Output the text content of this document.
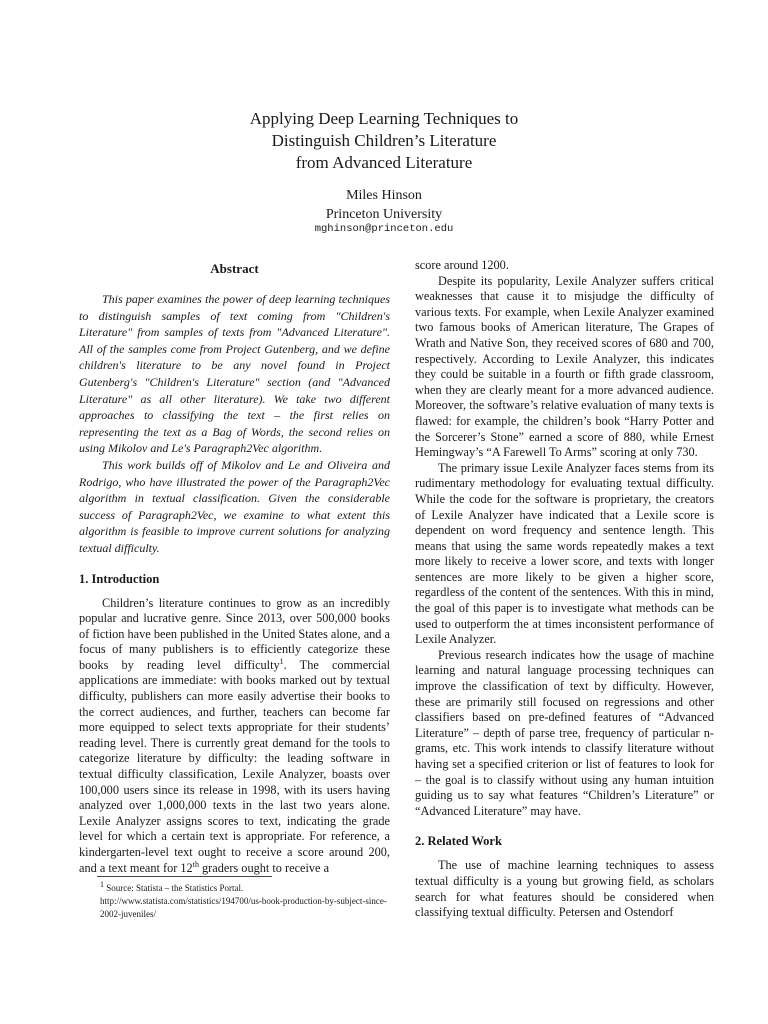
Applying Deep Learning Techniques to
Distinguish Children’s Literature
from Advanced Literature
Miles Hinson
Princeton University
mghinson@princeton.edu
Abstract

This paper examines the power of deep learning techniques to distinguish samples of text coming from "Children's Literature" from samples of texts from "Advanced Literature". All of the samples come from Project Gutenberg, and we define children's literature to be any novel found in Project Gutenberg's "Children's Literature" section (and "Advanced Literature" as all other literature). We take two different approaches to classifying the text – the first relies on representing the text as a Bag of Words, the second relies on using Mikolov and Le's Paragraph2Vec algorithm.

This work builds off of Mikolov and Le and Oliveira and Rodrigo, who have illustrated the power of the Paragraph2Vec algorithm in textual classification. Given the considerable success of Paragraph2Vec, we examine to what extent this algorithm is feasible to improve current solutions for analyzing textual difficulty.

1. Introduction

Children’s literature continues to grow as an incredibly popular and lucrative genre. Since 2013, over 500,000 books of fiction have been published in the United States alone, and a focus of many publishers is to efficiently categorize these books by reading level difficulty$^1$. The commercial applications are immediate: with books marked out by textual difficulty, publishers can more easily advertise their books to the correct audiences, and further, teachers can become far more equipped to select texts appropriate for their students’ reading level. There is currently great demand for the tools to categorize literature by difficulty: the leading software in textual difficulty classification, Lexile Analyzer, boasts over 100,000 users since its release in 1998, with its users having analyzed over 1,000,000 texts in the last two years alone. Lexile Analyzer assigns scores to text, indicating the grade level for which a certain text is appropriate. For reference, a kindergarten-level text ought to receive a score around 200, and a text meant for 12th graders ought to receive a

score around 1200.

Despite its popularity, Lexile Analyzer suffers critical weaknesses that cause it to misjudge the difficulty of various texts. For example, when Lexile Analyzer examined two famous books of American literature, The Grapes of Wrath and Native Son, they received scores of 680 and 700, respectively. According to Lexile Analyzer, this indicates they could be suitable in a fourth or fifth grade classroom, when they are clearly meant for a more advanced audience. Moreover, the software’s relative evaluation of many texts is flawed: for example, the children’s book “Harry Potter and the Sorcerer’s Stone” earned a score of 880, while Ernest Hemingway’s “A Farewell To Arms” scoring at only 730.

The primary issue Lexile Analyzer faces stems from its rudimentary methodology for evaluating textual difficulty. While the code for the software is proprietary, the creators of Lexile Analyzer have indicated that a Lexile score is dependent on word frequency and sentence length. This means that using the same words repeatedly makes a text more likely to receive a lower score, and texts with longer sentences are more likely to be given a higher score, regardless of the content of the sentences. With this in mind, the goal of this paper is to investigate what methods can be used to outperform the at times inconsistent performance of Lexile Analyzer.

Previous research indicates how the usage of machine learning and natural language processing techniques can improve the classification of text by difficulty. However, these are primarily still focused on regressions and other classifiers based on pre-defined features of “Advanced Literature” – depth of parse tree, frequency of particular n-grams, etc. This work intends to classify literature without having set a specified criterion or list of features to look for – the goal is to classify without using any human intuition guiding us to say what features “Children’s Literature” or “Advanced Literature” may have.

2. Related Work

The use of machine learning techniques to assess textual difficulty is a young but growing field, as scholars search for what features should be considered when classifying textual difficulty. Petersen and Ostendorf

$^1$ Source: Statista – the Statistics Portal.
http://www.statista.com/statistics/194700/us-book-production-by-subject-since-2002-juveniles/
